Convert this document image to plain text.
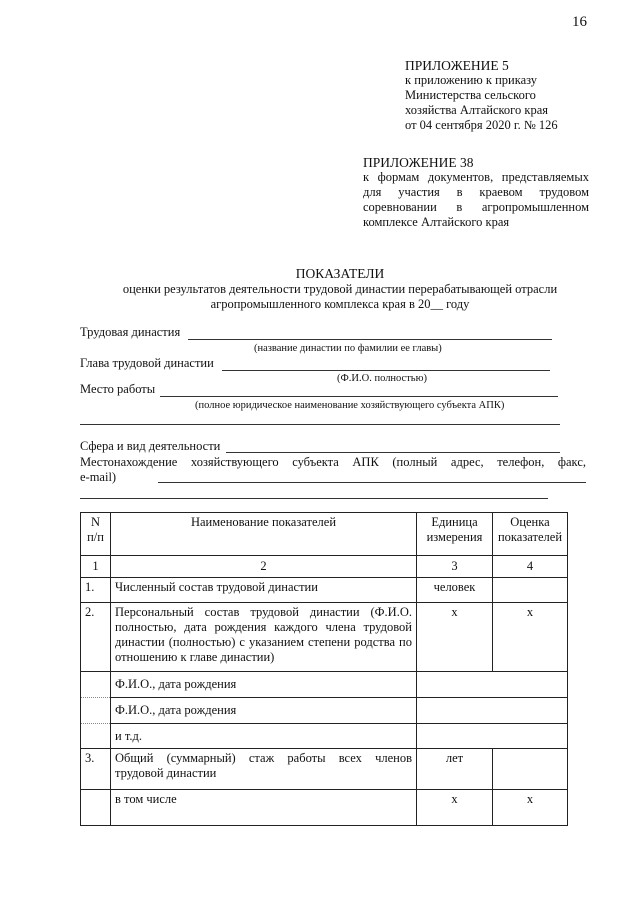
16
ПРИЛОЖЕНИЕ 5
к приложению к приказу
Министерства сельского
хозяйства Алтайского края
от 04 сентября 2020 г. № 126
ПРИЛОЖЕНИЕ 38
к формам документов, представляемых
для участия в краевом трудовом
соревновании в агропромышленном
комплексе Алтайского края
ПОКАЗАТЕЛИ
оценки результатов деятельности трудовой династии перерабатывающей отрасли
агропромышленного комплекса края в 20__ году
Трудовая династия
(название династии по фамилии ее главы)
Глава трудовой династии
(Ф.И.О. полностью)
Место работы
(полное юридическое наименование хозяйствующего субъекта АПК)
Сфера и вид деятельности
Местонахождение хозяйствующего субъекта АПК (полный адрес, телефон, факс,
e-mail)
N п/п	Наименование показателей	Единица измерения	Оценка показателей
1	2	3	4
1.	Численный состав трудовой династии	человек	
2.	Персональный состав трудовой династии (Ф.И.О. полностью, дата рождения каждого члена трудовой династии (полностью) с указанием степени родства по отношению к главе династии)	х	х
	Ф.И.О., дата рождения		
	Ф.И.О., дата рождения		
	и т.д.		
3.	Общий (суммарный) стаж работы всех членов трудовой династии	лет	
	в том числе	х	х
